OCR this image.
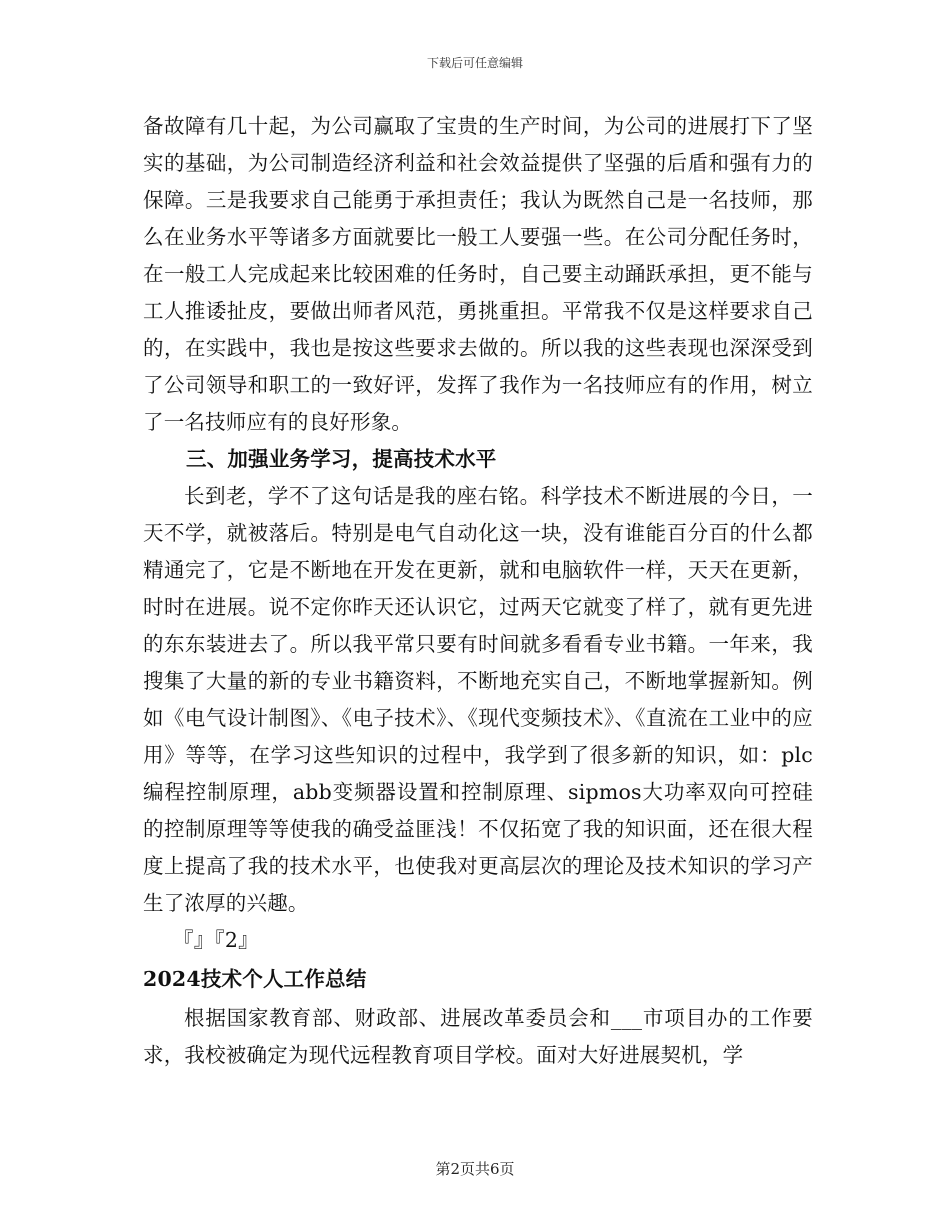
下载后可任意编辑

备故障有几十起，为公司赢取了宝贵的生产时间，为公司的进展打下了坚实的基础，为公司制造经济利益和社会效益提供了坚强的后盾和强有力的保障。三是我要求自己能勇于承担责任；我认为既然自己是一名技师，那么在业务水平等诸多方面就要比一般工人要强一些。在公司分配任务时，在一般工人完成起来比较困难的任务时，自己要主动踊跃承担，更不能与工人推诿扯皮，要做出师者风范，勇挑重担。平常我不仅是这样要求自己的，在实践中，我也是按这些要求去做的。所以我的这些表现也深深受到了公司领导和职工的一致好评，发挥了我作为一名技师应有的作用，树立了一名技师应有的良好形象。

三、加强业务学习，提高技术水平

长到老，学不了这句话是我的座右铭。科学技术不断进展的今日，一天不学，就被落后。特别是电气自动化这一块，没有谁能百分百的什么都精通完了，它是不断地在开发在更新，就和电脑软件一样，天天在更新，时时在进展。说不定你昨天还认识它，过两天它就变了样了，就有更先进的东东装进去了。所以我平常只要有时间就多看看专业书籍。一年来，我搜集了大量的新的专业书籍资料，不断地充实自己，不断地掌握新知。例如《电气设计制图》、《电子技术》、《现代变频技术》、《直流在工业中的应用》等等，在学习这些知识的过程中，我学到了很多新的知识，如：plc编程控制原理，abb变频器设置和控制原理、sipmos大功率双向可控硅的控制原理等等使我的确受益匪浅！不仅拓宽了我的知识面，还在很大程度上提高了我的技术水平，也使我对更高层次的理论及技术知识的学习产生了浓厚的兴趣。

『』『2』

2024技术个人工作总结

根据国家教育部、财政部、进展改革委员会和___市项目办的工作要求，我校被确定为现代远程教育项目学校。面对大好进展契机，学

第2页共6页
